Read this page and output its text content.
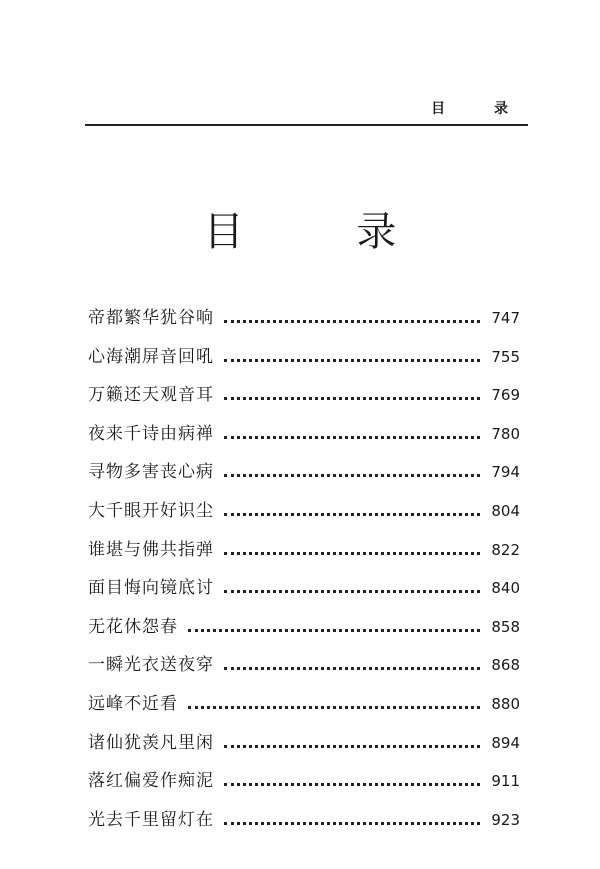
目 录
目 录
帝都繁华犹谷响	747
心海潮屏音回吼	755
万籁还天观音耳	769
夜来千诗由病禅	780
寻物多害丧心病	794
大千眼开好识尘	804
谁堪与佛共指弹	822
面目悔向镜底讨	840
无花休怨春	858
一瞬光衣送夜穿	868
远峰不近看	880
诸仙犹羡凡里闲	894
落红偏爱作痴泥	911
光去千里留灯在	923
